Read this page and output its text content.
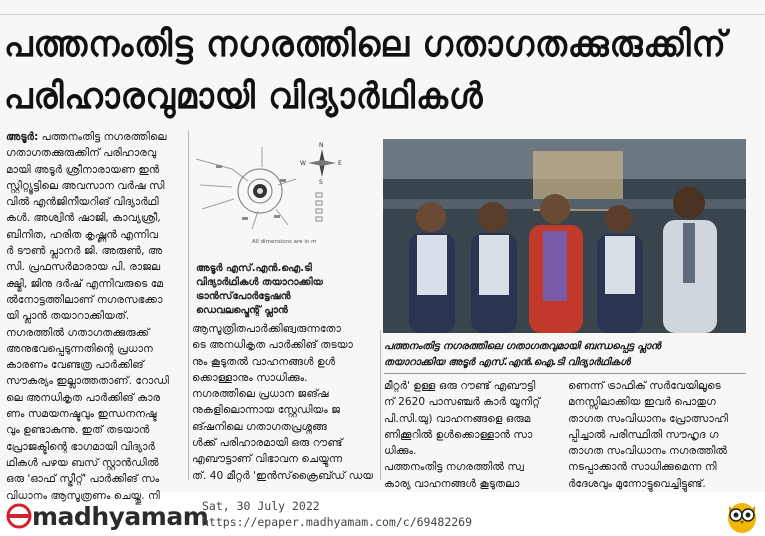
പത്തനംതിട്ട നഗരത്തിലെ ഗതാഗതക്കുരുക്കിന്
പരിഹാരവുമായി വിദ്യാർഥികൾ
അടൂർ: പത്തനംതിട്ട നഗരത്തിലെ
ഗതാഗതക്കുരുക്കിന് പരിഹാരവു
മായി അടൂർ ശ്രീനാരായണ ഇൻ
സ്റ്റിറ്റ്യൂട്ടിലെ അവസാന വർഷ സി
വിൽ എൻജിനീയറിങ് വിദ്യാർഥി
കൾ. അശ്വിൻ ഷാജി, കാവ്യശ്രീ,
ബിനിത, ഹരിത കൃഷ്ണൻ എന്നിവ
ർ ടൗൺ പ്ലാനർ ജി. അരുൺ, അ
സി. പ്രഫസർമാരായ പി. രാജല
ക്ഷ്മി, ജിനു ദർഷ് എന്നിവരുടെ മേ
ൽനോട്ടത്തിലാണ് നഗരസഭക്കാ
യി പ്ലാൻ തയാറാക്കിയത്.
നഗരത്തിൽ ഗതാഗതക്കുരുക്ക്
അനുഭവപ്പെടുന്നതിന്റെ പ്രധാന
കാരണം വേണ്ടത്ര പാർക്കിങ്
സൗകര്യം ഇല്ലാത്തതാണ്. റോഡി
ലെ അനധികൃത പാർക്കിങ് കാര
ണം സമയനഷ്ടവും ഇന്ധനനഷ്ട
വും ഉണ്ടാകുന്നു. ഇത് തടയാൻ
പ്രോജക്ടിന്റെ ഭാഗമായി വിദ്യാർ
ഥികൾ പഴയ ബസ് സ്റ്റാൻഡിൽ
ഒരു 'ഓഫ് സ്ട്രീറ്റ്' പാർക്കിങ് സം
വിധാനം ആസൂത്രണം ചെയ്തു. നി
N
S
E
W
All dimensions are in m
അടൂർ എസ്.എൻ.ഐ.ടി
വിദ്യാർഥികൾ തയാറാക്കിയ
ട്രാൻസ്‌പോർട്ടേഷൻ
ഡെവലപ്മെന്റ് പ്ലാൻ
പത്തനംതിട്ട നഗരത്തിലെ ഗതാഗതവുമായി ബന്ധപ്പെട്ട പ്ലാൻ
തയാറാക്കിയ അടൂർ എസ്.എൻ.ഐ.ടി വിദ്യാർഥികൾ
ആസൂത്രിതപാർക്കിങ്വരുന്നതോ
ടെ അനധികൃത പാർക്കിങ് തടയാ
നും കൂടുതൽ വാഹനങ്ങൾ ഉൾ
ക്കൊള്ളാനും സാധിക്കും.
നഗരത്തിലെ പ്രധാന ജങ്ഷ
നുകളിലൊന്നായ സ്റ്റേഡിയം ജ
ങ്ഷനിലെ ഗതാഗതപ്രശ്നങ്ങ
ൾക്ക് പരിഹാരമായി ഒരു റൗണ്ട്
എബൗട്ടാണ് വിഭാവന ചെയ്യുന്ന
ത്. 40 മീറ്റർ 'ഇൻസ്‌ക്രൈബ്ഡ് ഡയ
മീറ്റർ' ഉള്ള ഒരു റൗണ്ട് എബൗട്ടി
ന് 2620 പാസഞ്ചർ കാർ യൂനിറ്റ്
പി.സി.യു) വാഹനങ്ങളെ ഒരുമ
ണിക്കൂറിൽ ഉൾക്കൊള്ളാൻ സാ
ധിക്കും.
പത്തനംതിട്ട നഗരത്തിൽ സ്വ
കാര്യ വാഹനങ്ങൾ കൂടുതലാ
ണെന്ന് ട്രാഫിക് സർവേയിലൂടെ
മനസ്സിലാക്കിയ ഇവർ പൊതുഗ
താഗത സംവിധാനം പ്രോത്സാഹി
പ്പിച്ചാൽ പരിസ്ഥിതി സൗഹൃദ ഗ
താഗത സംവിധാനം നഗരത്തിൽ
നടപ്പാക്കാൻ സാധിക്കുമെന്ന നി
ർദേശവും മുന്നോട്ടുവെച്ചിട്ടുണ്ട്.
madhyamam
Sat, 30 July 2022
https://epaper.madhyamam.com/c/69482269
